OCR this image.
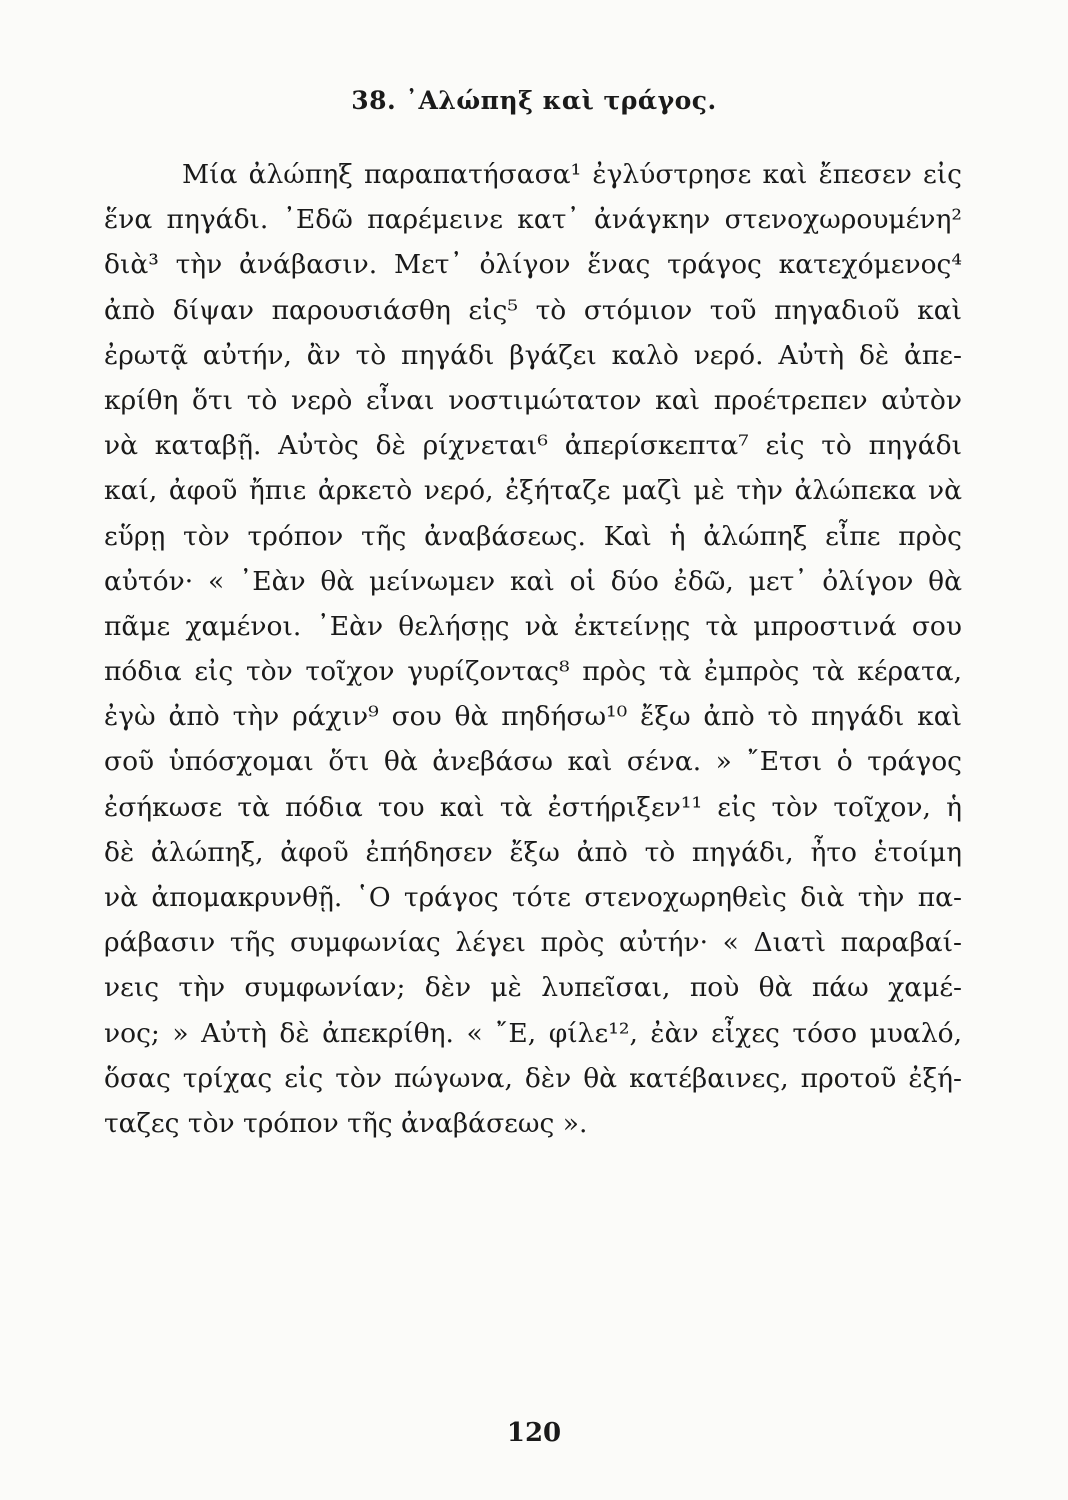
38. ᾿Αλώπηξ καὶ τράγος.
Μία ἀλώπηξ παραπατήσασα¹ ἐγλύστρησε καὶ ἔπεσεν εἰς
ἕνα πηγάδι. ᾿Εδῶ παρέμεινε κατ᾿ ἀνάγκην στενοχωρουμένη²
διὰ³ τὴν ἀνάβασιν. Μετ᾿ ὀλίγον ἕνας τράγος κατεχόμενος⁴
ἀπὸ δίψαν παρουσιάσθη εἰς⁵ τὸ στόμιον τοῦ πηγαδιοῦ καὶ
ἐρωτᾷ αὐτήν, ἂν τὸ πηγάδι βγάζει καλὸ νερό. Αὐτὴ δὲ ἀπε-
κρίθη ὅτι τὸ νερὸ εἶναι νοστιμώτατον καὶ προέτρεπεν αὐτὸν
νὰ καταβῇ. Αὐτὸς δὲ ρίχνεται⁶ ἀπερίσκεπτα⁷ εἰς τὸ πηγάδι
καί, ἀφοῦ ἤπιε ἀρκετὸ νερό, ἐξήταζε μαζὶ μὲ τὴν ἀλώπεκα νὰ
εὕρῃ τὸν τρόπον τῆς ἀναβάσεως. Καὶ ἡ ἀλώπηξ εἶπε πρὸς
αὐτόν· « ᾿Εὰν θὰ μείνωμεν καὶ οἱ δύο ἐδῶ, μετ᾿ ὀλίγον θὰ
πᾶμε χαμένοι. ᾿Εὰν θελήσῃς νὰ ἐκτείνῃς τὰ μπροστινά σου
πόδια εἰς τὸν τοῖχον γυρίζοντας⁸ πρὸς τὰ ἐμπρὸς τὰ κέρατα,
ἐγὼ ἀπὸ τὴν ράχιν⁹ σου θὰ πηδήσω¹⁰ ἔξω ἀπὸ τὸ πηγάδι καὶ
σοῦ ὑπόσχομαι ὅτι θὰ ἀνεβάσω καὶ σένα. » ῎Ετσι ὁ τράγος
ἐσήκωσε τὰ πόδια του καὶ τὰ ἐστήριξεν¹¹ εἰς τὸν τοῖχον, ἡ
δὲ ἀλώπηξ, ἀφοῦ ἐπήδησεν ἔξω ἀπὸ τὸ πηγάδι, ἦτο ἑτοίμη
νὰ ἀπομακρυνθῇ. ῾Ο τράγος τότε στενοχωρηθεὶς διὰ τὴν πα-
ράβασιν τῆς συμφωνίας λέγει πρὸς αὐτήν· « Διατὶ παραβαί-
νεις τὴν συμφωνίαν; δὲν μὲ λυπεῖσαι, ποὺ θὰ πάω χαμέ-
νος; » Αὐτὴ δὲ ἀπεκρίθη. « ῎Ε, φίλε¹², ἐὰν εἶχες τόσο μυαλό,
ὅσας τρίχας εἰς τὸν πώγωνα, δὲν θὰ κατέβαινες, προτοῦ ἐξή-
ταζες τὸν τρόπον τῆς ἀναβάσεως ».
120
